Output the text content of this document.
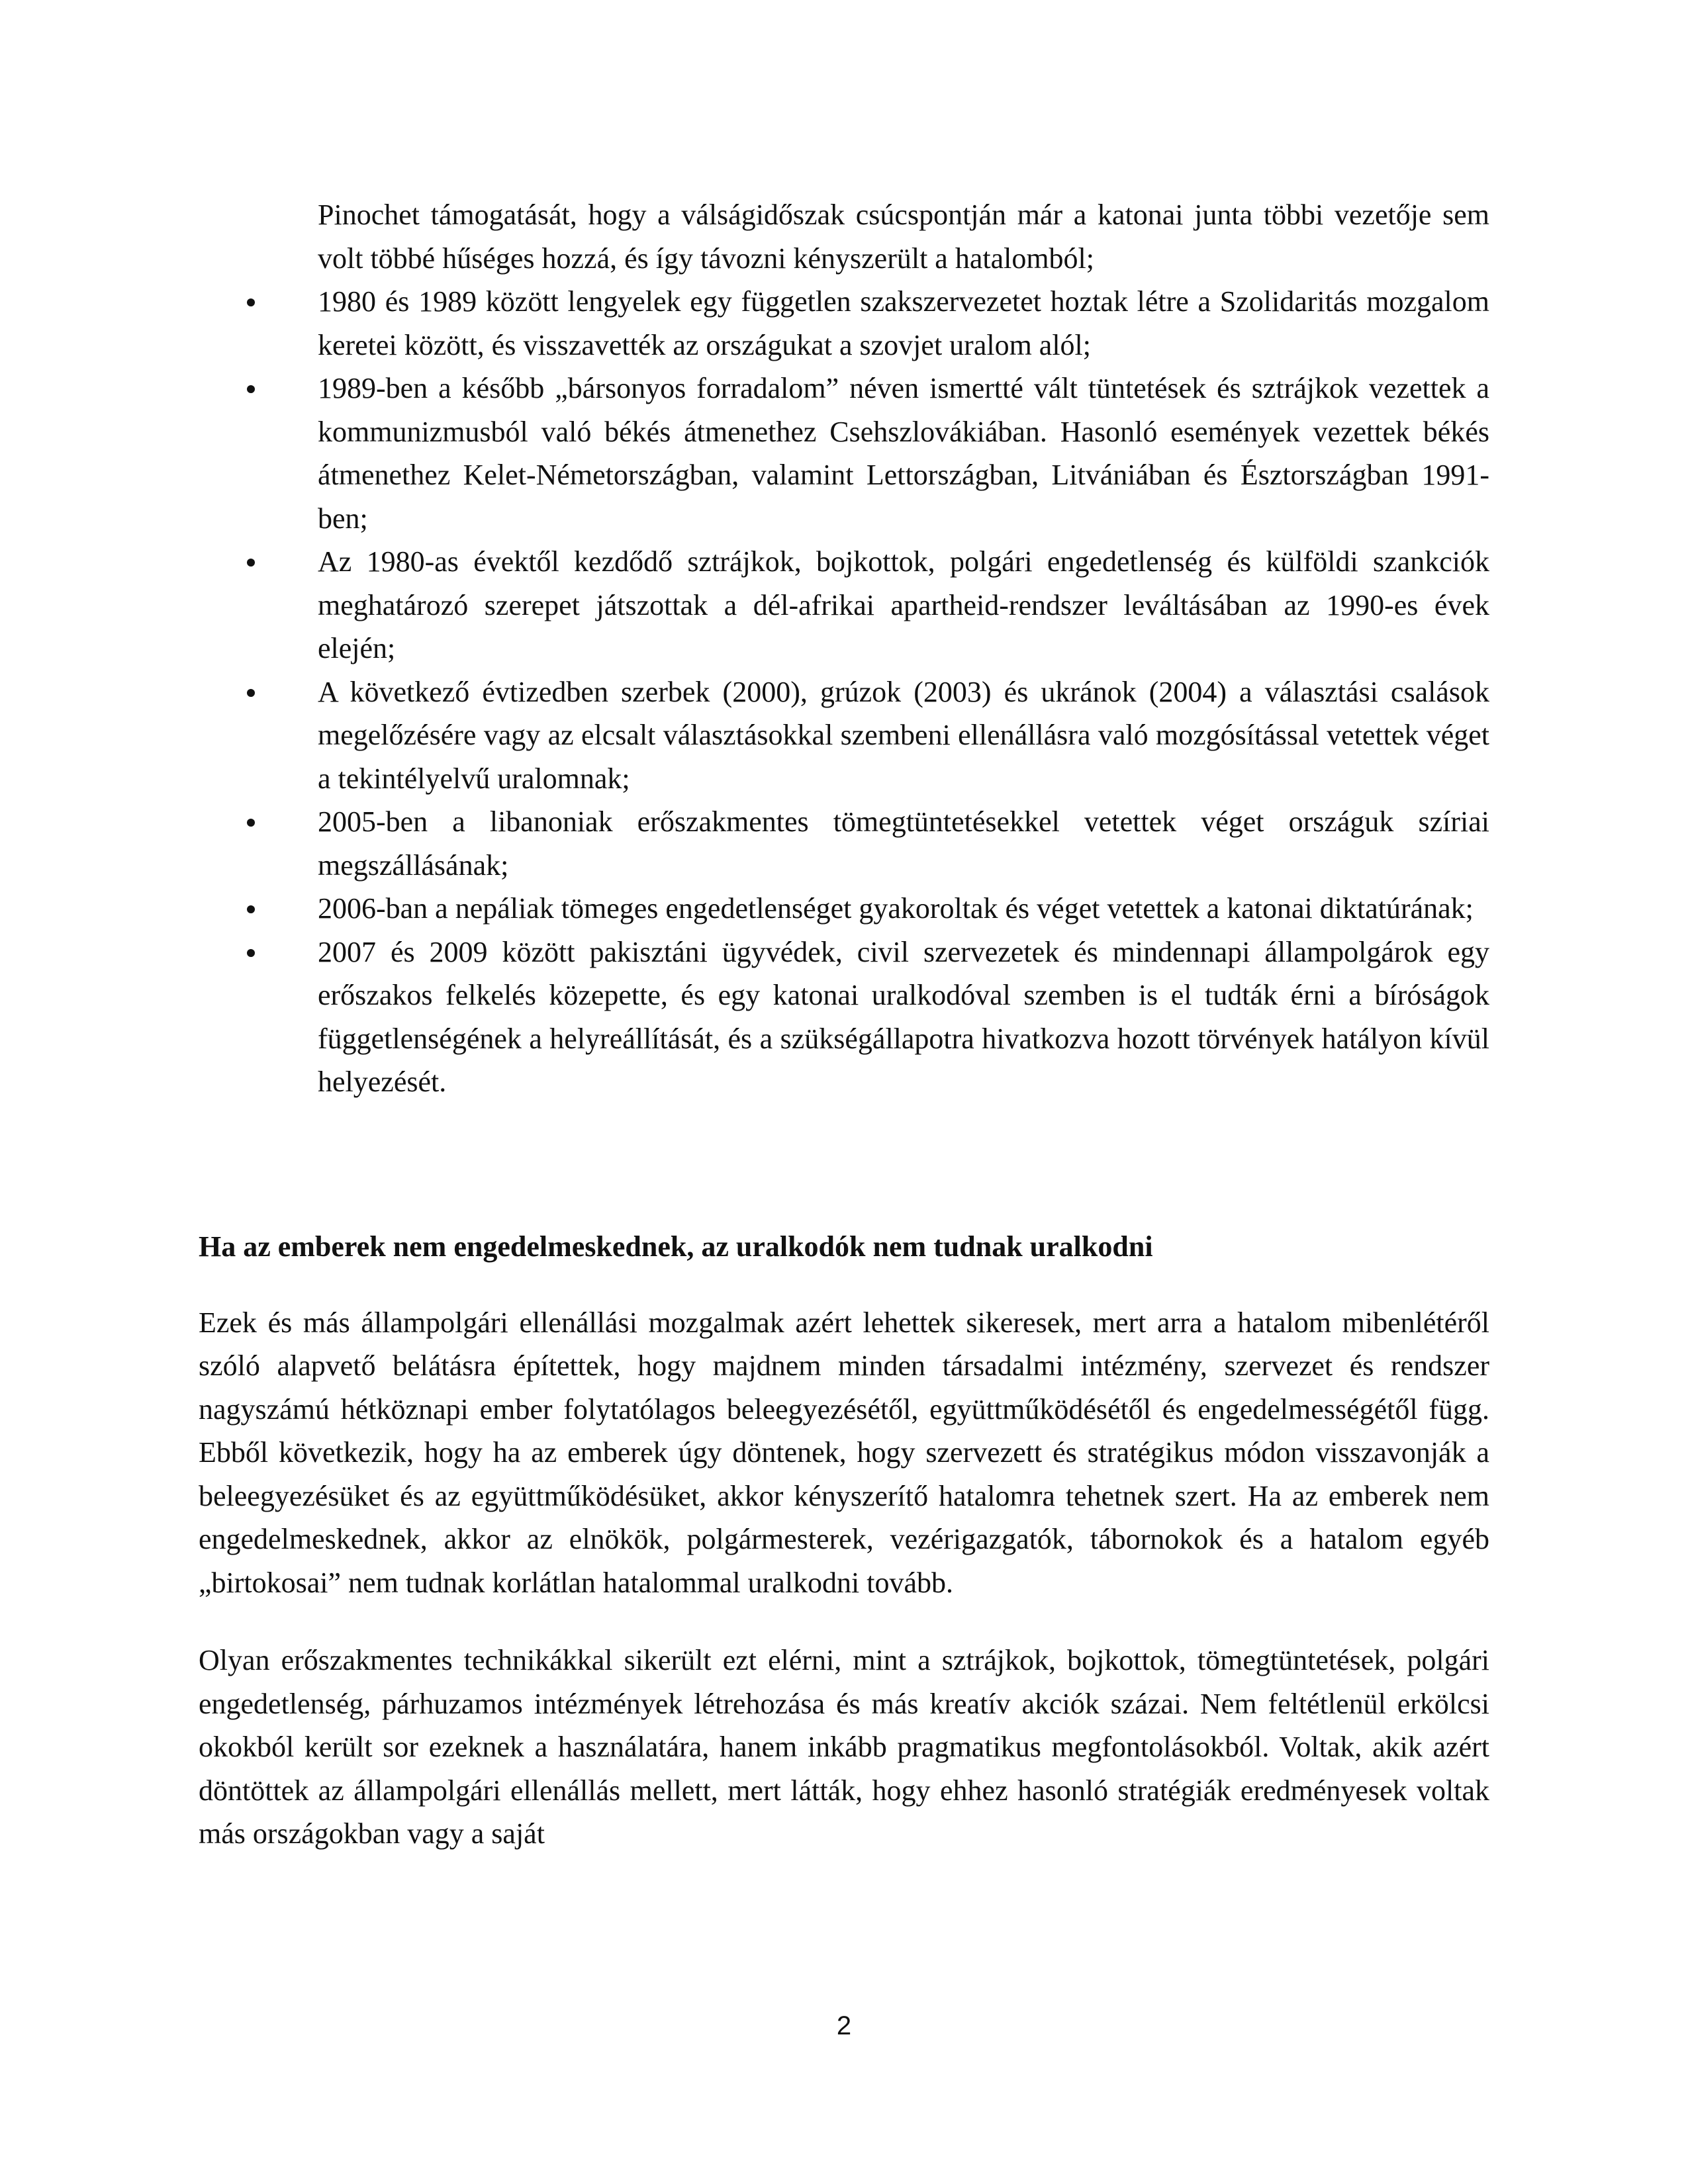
Pinochet támogatását, hogy a válságidőszak csúcspontján már a katonai junta többi vezetője sem volt többé hűséges hozzá, és így távozni kényszerült a hatalomból;

1980 és 1989 között lengyelek egy független szakszervezetet hoztak létre a Szolidaritás mozgalom keretei között, és visszavették az országukat a szovjet uralom alól;
1989-ben a később „bársonyos forradalom” néven ismertté vált tüntetések és sztrájkok vezettek a kommunizmusból való békés átmenethez Csehszlovákiában. Hasonló események vezettek békés átmenethez Kelet-Németországban, valamint Lettországban, Litvániában és Észtországban 1991-ben;
Az 1980-as évektől kezdődő sztrájkok, bojkottok, polgári engedetlenség és külföldi szankciók meghatározó szerepet játszottak a dél-afrikai apartheid-rendszer leváltásában az 1990-es évek elején;
A következő évtizedben szerbek (2000), grúzok (2003) és ukránok (2004) a választási csalások megelőzésére vagy az elcsalt választásokkal szembeni ellenállásra való mozgósítással vetettek véget a tekintélyelvű uralomnak;
2005-ben a libanoniak erőszakmentes tömegtüntetésekkel vetettek véget országuk szíriai megszállásának;
2006-ban a nepáliak tömeges engedetlenséget gyakoroltak és véget vetettek a katonai diktatúrának;
2007 és 2009 között pakisztáni ügyvédek, civil szervezetek és mindennapi állampolgárok egy erőszakos felkelés közepette, és egy katonai uralkodóval szemben is el tudták érni a bíróságok függetlenségének a helyreállítását, és a szükségállapotra hivatkozva hozott törvények hatályon kívül helyezését.
Ha az emberek nem engedelmeskednek, az uralkodók nem tudnak uralkodni

Ezek és más állampolgári ellenállási mozgalmak azért lehettek sikeresek, mert arra a hatalom mibenlétéről szóló alapvető belátásra építettek, hogy majdnem minden társadalmi intézmény, szervezet és rendszer nagyszámú hétköznapi ember folytatólagos beleegyezésétől, együttműködésétől és engedelmességétől függ. Ebből következik, hogy ha az emberek úgy döntenek, hogy szervezett és stratégikus módon visszavonják a beleegyezésüket és az együttműködésüket, akkor kényszerítő hatalomra tehetnek szert. Ha az emberek nem engedelmeskednek, akkor az elnökök, polgármesterek, vezérigazgatók, tábornokok és a hatalom egyéb „birtokosai” nem tudnak korlátlan hatalommal uralkodni tovább.

Olyan erőszakmentes technikákkal sikerült ezt elérni, mint a sztrájkok, bojkottok, tömegtüntetések, polgári engedetlenség, párhuzamos intézmények létrehozása és más kreatív akciók százai. Nem feltétlenül erkölcsi okokból került sor ezeknek a használatára, hanem inkább pragmatikus megfontolásokból. Voltak, akik azért döntöttek az állampolgári ellenállás mellett, mert látták, hogy ehhez hasonló stratégiák eredményesek voltak más országokban vagy a saját

2
